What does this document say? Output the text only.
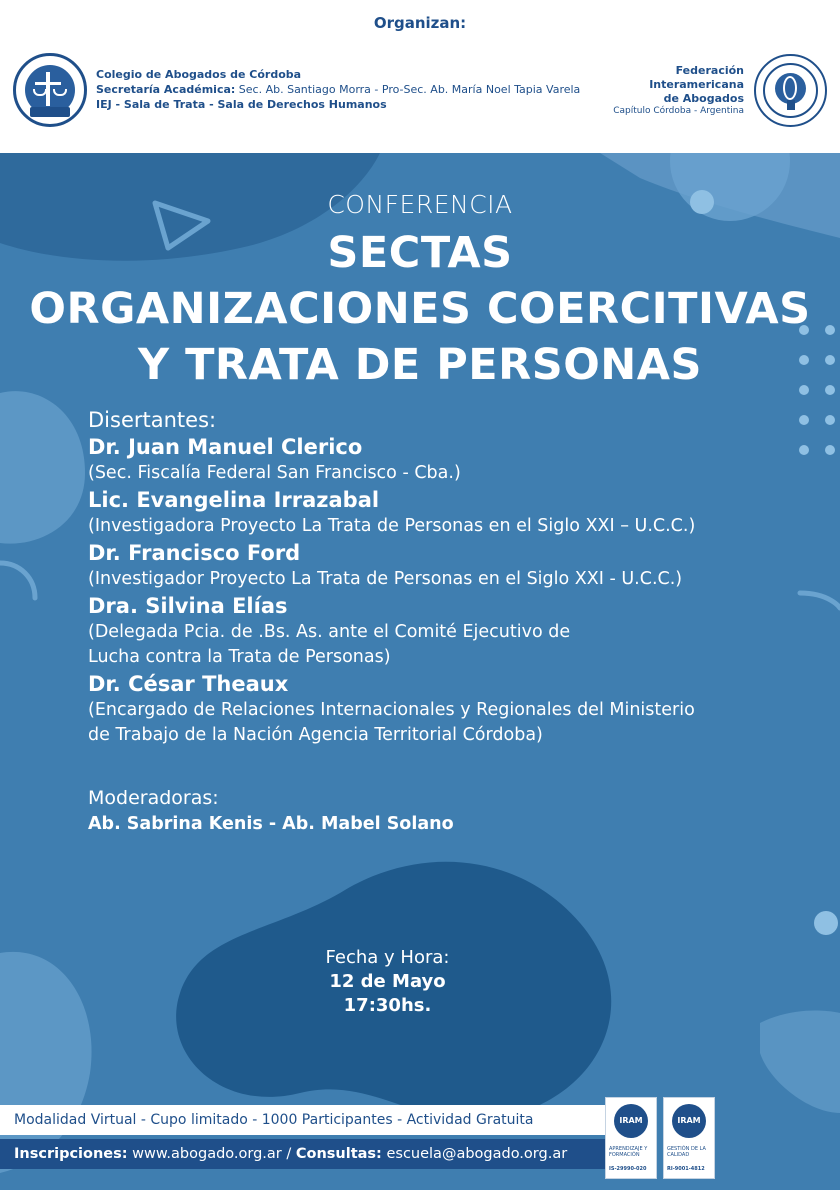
Organizan:
Colegio de Abogados de Córdoba
Secretaría Académica: Sec. Ab. Santiago Morra - Pro-Sec. Ab. María Noel Tapia Varela
IEJ - Sala de Trata - Sala de Derechos Humanos
Federación
Interamericana
de Abogados
Capítulo Córdoba - Argentina
CONFERENCIA
SECTAS
ORGANIZACIONES COERCITIVAS
Y TRATA DE PERSONAS
Disertantes:
Dr. Juan Manuel Clerico
(Sec. Fiscalía Federal San Francisco - Cba.)
Lic. Evangelina Irrazabal
(Investigadora Proyecto La Trata de Personas en el Siglo XXI – U.C.C.)
Dr. Francisco Ford
(Investigador Proyecto La Trata de Personas en el Siglo XXI - U.C.C.)
Dra. Silvina Elías
(Delegada Pcia. de .Bs. As. ante el Comité Ejecutivo de
Lucha contra la Trata de Personas)
Dr. César Theaux
(Encargado de Relaciones Internacionales y Regionales del Ministerio
de Trabajo de la Nación Agencia Territorial Córdoba)
Moderadoras:
Ab. Sabrina Kenis - Ab. Mabel Solano
Fecha y Hora:
12 de Mayo
17:30hs.
Modalidad Virtual - Cupo limitado - 1000 Participantes - Actividad Gratuita
Inscripciones: www.abogado.org.ar / Consultas: escuela@abogado.org.ar
IRAM
APRENDIZAJE Y FORMACIÓN
IS-29990-020
IRAM
GESTIÓN DE LA CALIDAD
RI-9001-4812
